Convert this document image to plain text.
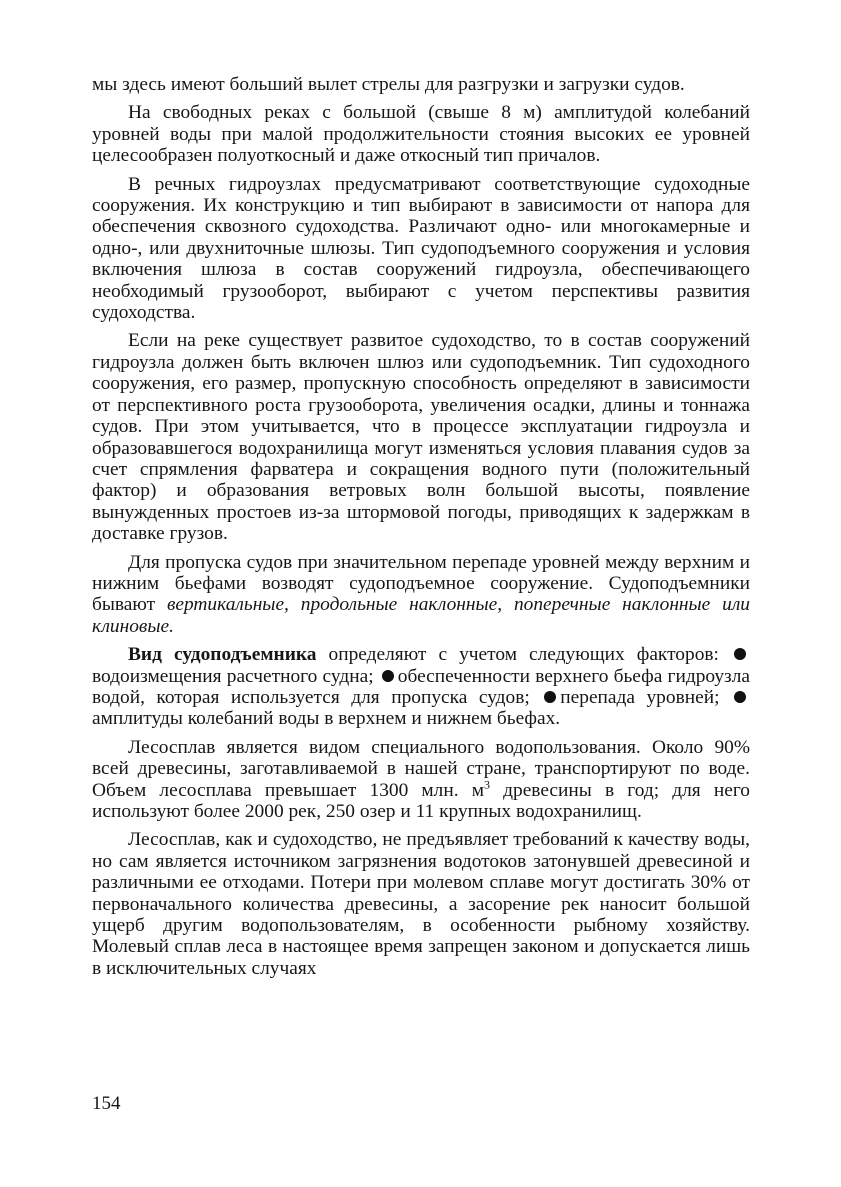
мы здесь имеют больший вылет стрелы для разгрузки и загрузки судов.

На свободных реках с большой (свыше 8 м) амплитудой колебаний уровней воды при малой продолжительности стояния высоких ее уровней целесообразен полуоткосный и даже откосный тип причалов.

В речных гидроузлах предусматривают соответствующие судоходные сооружения. Их конструкцию и тип выбирают в зависимости от напора для обеспечения сквозного судоходства. Различают одно- или многокамерные и одно-, или двухниточные шлюзы. Тип судоподъемного сооружения и условия включения шлюза в состав сооружений гидроузла, обеспечивающего необходимый грузооборот, выбирают с учетом перспективы развития судоходства.

Если на реке существует развитое судоходство, то в состав сооружений гидроузла должен быть включен шлюз или судоподъемник. Тип судоходного сооружения, его размер, пропускную способность определяют в зависимости от перспективного роста грузооборота, увеличения осадки, длины и тоннажа судов. При этом учитывается, что в процессе эксплуатации гидроузла и образовавшегося водохранилища могут изменяться условия плавания судов за счет спрямления фарватера и сокращения водного пути (положительный фактор) и образования ветровых волн большой высоты, появление вынужденных простоев из-за штормовой погоды, приводящих к задержкам в доставке грузов.

Для пропуска судов при значительном перепаде уровней между верхним и нижним бьефами возводят судоподъемное сооружение. Судоподъемники бывают вертикальные, продольные наклонные, поперечные наклонные или клиновые.

Вид судоподъемника определяют с учетом следующих факторов: водоизмещения расчетного судна; обеспеченности верхнего бьефа гидроузла водой, которая используется для пропуска судов; перепада уровней; амплитуды колебаний воды в верхнем и нижнем бьефах.

Лесосплав является видом специального водопользования. Около 90% всей древесины, заготавливаемой в нашей стране, транспортируют по воде. Объем лесосплава превышает 1300 млн. $м^3$ древесины в год; для него используют более 2000 рек, 250 озер и 11 крупных водохранилищ.

Лесосплав, как и судоходство, не предъявляет требований к качеству воды, но сам является источником загрязнения водотоков затонувшей древесиной и различными ее отходами. Потери при молевом сплаве могут достигать 30% от первоначального количества древесины, а засорение рек наносит большой ущерб другим водопользователям, в особенности рыбному хозяйству. Молевый сплав леса в настоящее время запрещен законом и допускается лишь в исключительных случаях

154
